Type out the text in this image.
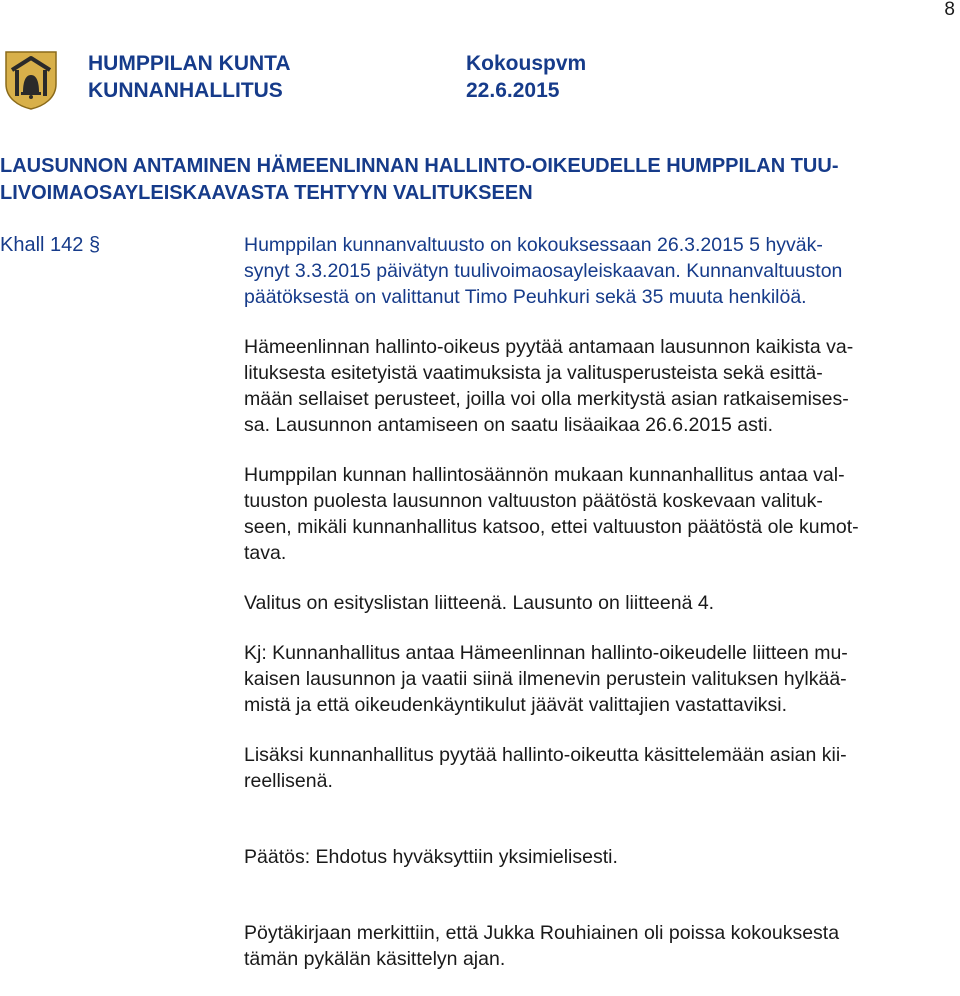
8
HUMPPILAN KUNTA
KUNNANHALLITUS
Kokouspvm
22.6.2015
LAUSUNNON ANTAMINEN HÄMEENLINNAN HALLINTO-OIKEUDELLE HUMPPILAN TUU-
LIVOIMAOSAYLEISKAAVASTA TEHTYYN VALITUKSEEN
Khall 142 §	Humppilan kunnanvaltuusto on kokouksessaan 26.3.2015 5 hyväk-
synyt 3.3.2015 päivätyn tuulivoimaosayleiskaavan. Kunnanvaltuuston
päätöksestä on valittanut Timo Peuhkuri sekä 35 muuta henkilöä.

Hämeenlinnan hallinto-oikeus pyytää antamaan lausunnon kaikista va-
lituksesta esitetyistä vaatimuksista ja valitusperusteista sekä esittä-
mään sellaiset perusteet, joilla voi olla merkitystä asian ratkaisemises-
sa. Lausunnon antamiseen on saatu lisäaikaa 26.6.2015 asti.

Humppilan kunnan hallintosäännön mukaan kunnanhallitus antaa val-
tuuston puolesta lausunnon valtuuston päätöstä koskevaan valituk-
seen, mikäli kunnanhallitus katsoo, ettei valtuuston päätöstä ole kumot-
tava.

Valitus on esityslistan liitteenä. Lausunto on liitteenä 4.

Kj: Kunnanhallitus antaa Hämeenlinnan hallinto-oikeudelle liitteen mu-
kaisen lausunnon ja vaatii siinä ilmenevin perustein valituksen hylkää-
mistä ja että oikeudenkäyntikulut jäävät valittajien vastattaviksi.

Lisäksi kunnanhallitus pyytää hallinto-oikeutta käsittelemään asian kii-
reellisenä.

Päätös: Ehdotus hyväksyttiin yksimielisesti.

Pöytäkirjaan merkittiin, että Jukka Rouhiainen oli poissa kokouksesta
tämän pykälän käsittelyn ajan.
